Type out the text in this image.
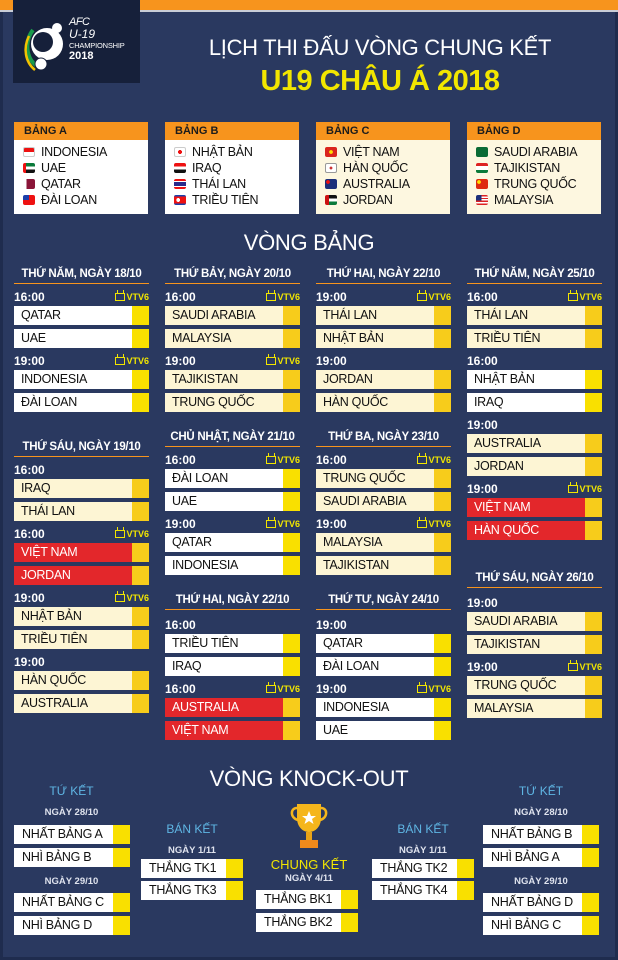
AFC
U-19
CHAMPIONSHIP
2018	LỊCH THI ĐẤU VÒNG CHUNG KẾT
U19 CHÂU Á 2018
BẢNG A
INDONESIA
UAE
QATAR
ĐÀI LOAN
BẢNG B
NHẬT BẢN
IRAQ
THÁI LAN
TRIỀU TIÊN
BẢNG C
VIỆT NAM
HÀN QUỐC
AUSTRALIA
JORDAN
BẢNG D
SAUDI ARABIA
TAJIKISTAN
TRUNG QUỐC
MALAYSIA
VÒNG BẢNG
THỨ NĂM, NGÀY 18/10
16:00	VTV6
QATAR
UAE
19:00	VTV6
INDONESIA
ĐÀI LOAN
THỨ BẢY, NGÀY 20/10
16:00	VTV6
SAUDI ARABIA
MALAYSIA
19:00	VTV6
TAJIKISTAN
TRUNG QUỐC
THỨ HAI, NGÀY 22/10
19:00	VTV6
THÁI LAN
NHẬT BẢN
19:00
JORDAN
HÀN QUỐC
THỨ NĂM, NGÀY 25/10
16:00	VTV6
THÁI LAN
TRIỀU TIÊN
16:00
NHẬT BẢN
IRAQ
19:00
AUSTRALIA
JORDAN
19:00	VTV6
VIỆT NAM
HÀN QUỐC
THỨ SÁU, NGÀY 19/10
16:00
IRAQ
THÁI LAN
16:00	VTV6
VIỆT NAM
JORDAN
19:00	VTV6
NHẬT BẢN
TRIỀU TIÊN
19:00
HÀN QUỐC
AUSTRALIA
CHỦ NHẬT, NGÀY 21/10
16:00	VTV6
ĐÀI LOAN
UAE
19:00	VTV6
QATAR
INDONESIA
THỨ BA, NGÀY 23/10
16:00	VTV6
TRUNG QUỐC
SAUDI ARABIA
19:00	VTV6
MALAYSIA
TAJIKISTAN
THỨ HAI, NGÀY 22/10
16:00
TRIỀU TIÊN
IRAQ
16:00	VTV6
AUSTRALIA
VIỆT NAM
THỨ TƯ, NGÀY 24/10
19:00
QATAR
ĐÀI LOAN
19:00	VTV6
INDONESIA
UAE
THỨ SÁU, NGÀY 26/10
19:00
SAUDI ARABIA
TAJIKISTAN
19:00	VTV6
TRUNG QUỐC
MALAYSIA
VÒNG KNOCK-OUT
TỨ KẾT
NGÀY 28/10
NHẤT BẢNG A
NHÌ BẢNG B
NGÀY 29/10
NHẤT BẢNG C
NHÌ BẢNG D
BÁN KẾT
NGÀY 1/11
THẮNG TK1
THẮNG TK3
CHUNG KẾT
NGÀY 4/11
THẮNG BK1
THẮNG BK2
BÁN KẾT
NGÀY 1/11
THẮNG TK2
THẮNG TK4
TỨ KẾT
NGÀY 28/10
NHẤT BẢNG B
NHÌ BẢNG A
NGÀY 29/10
NHẤT BẢNG D
NHÌ BẢNG C
